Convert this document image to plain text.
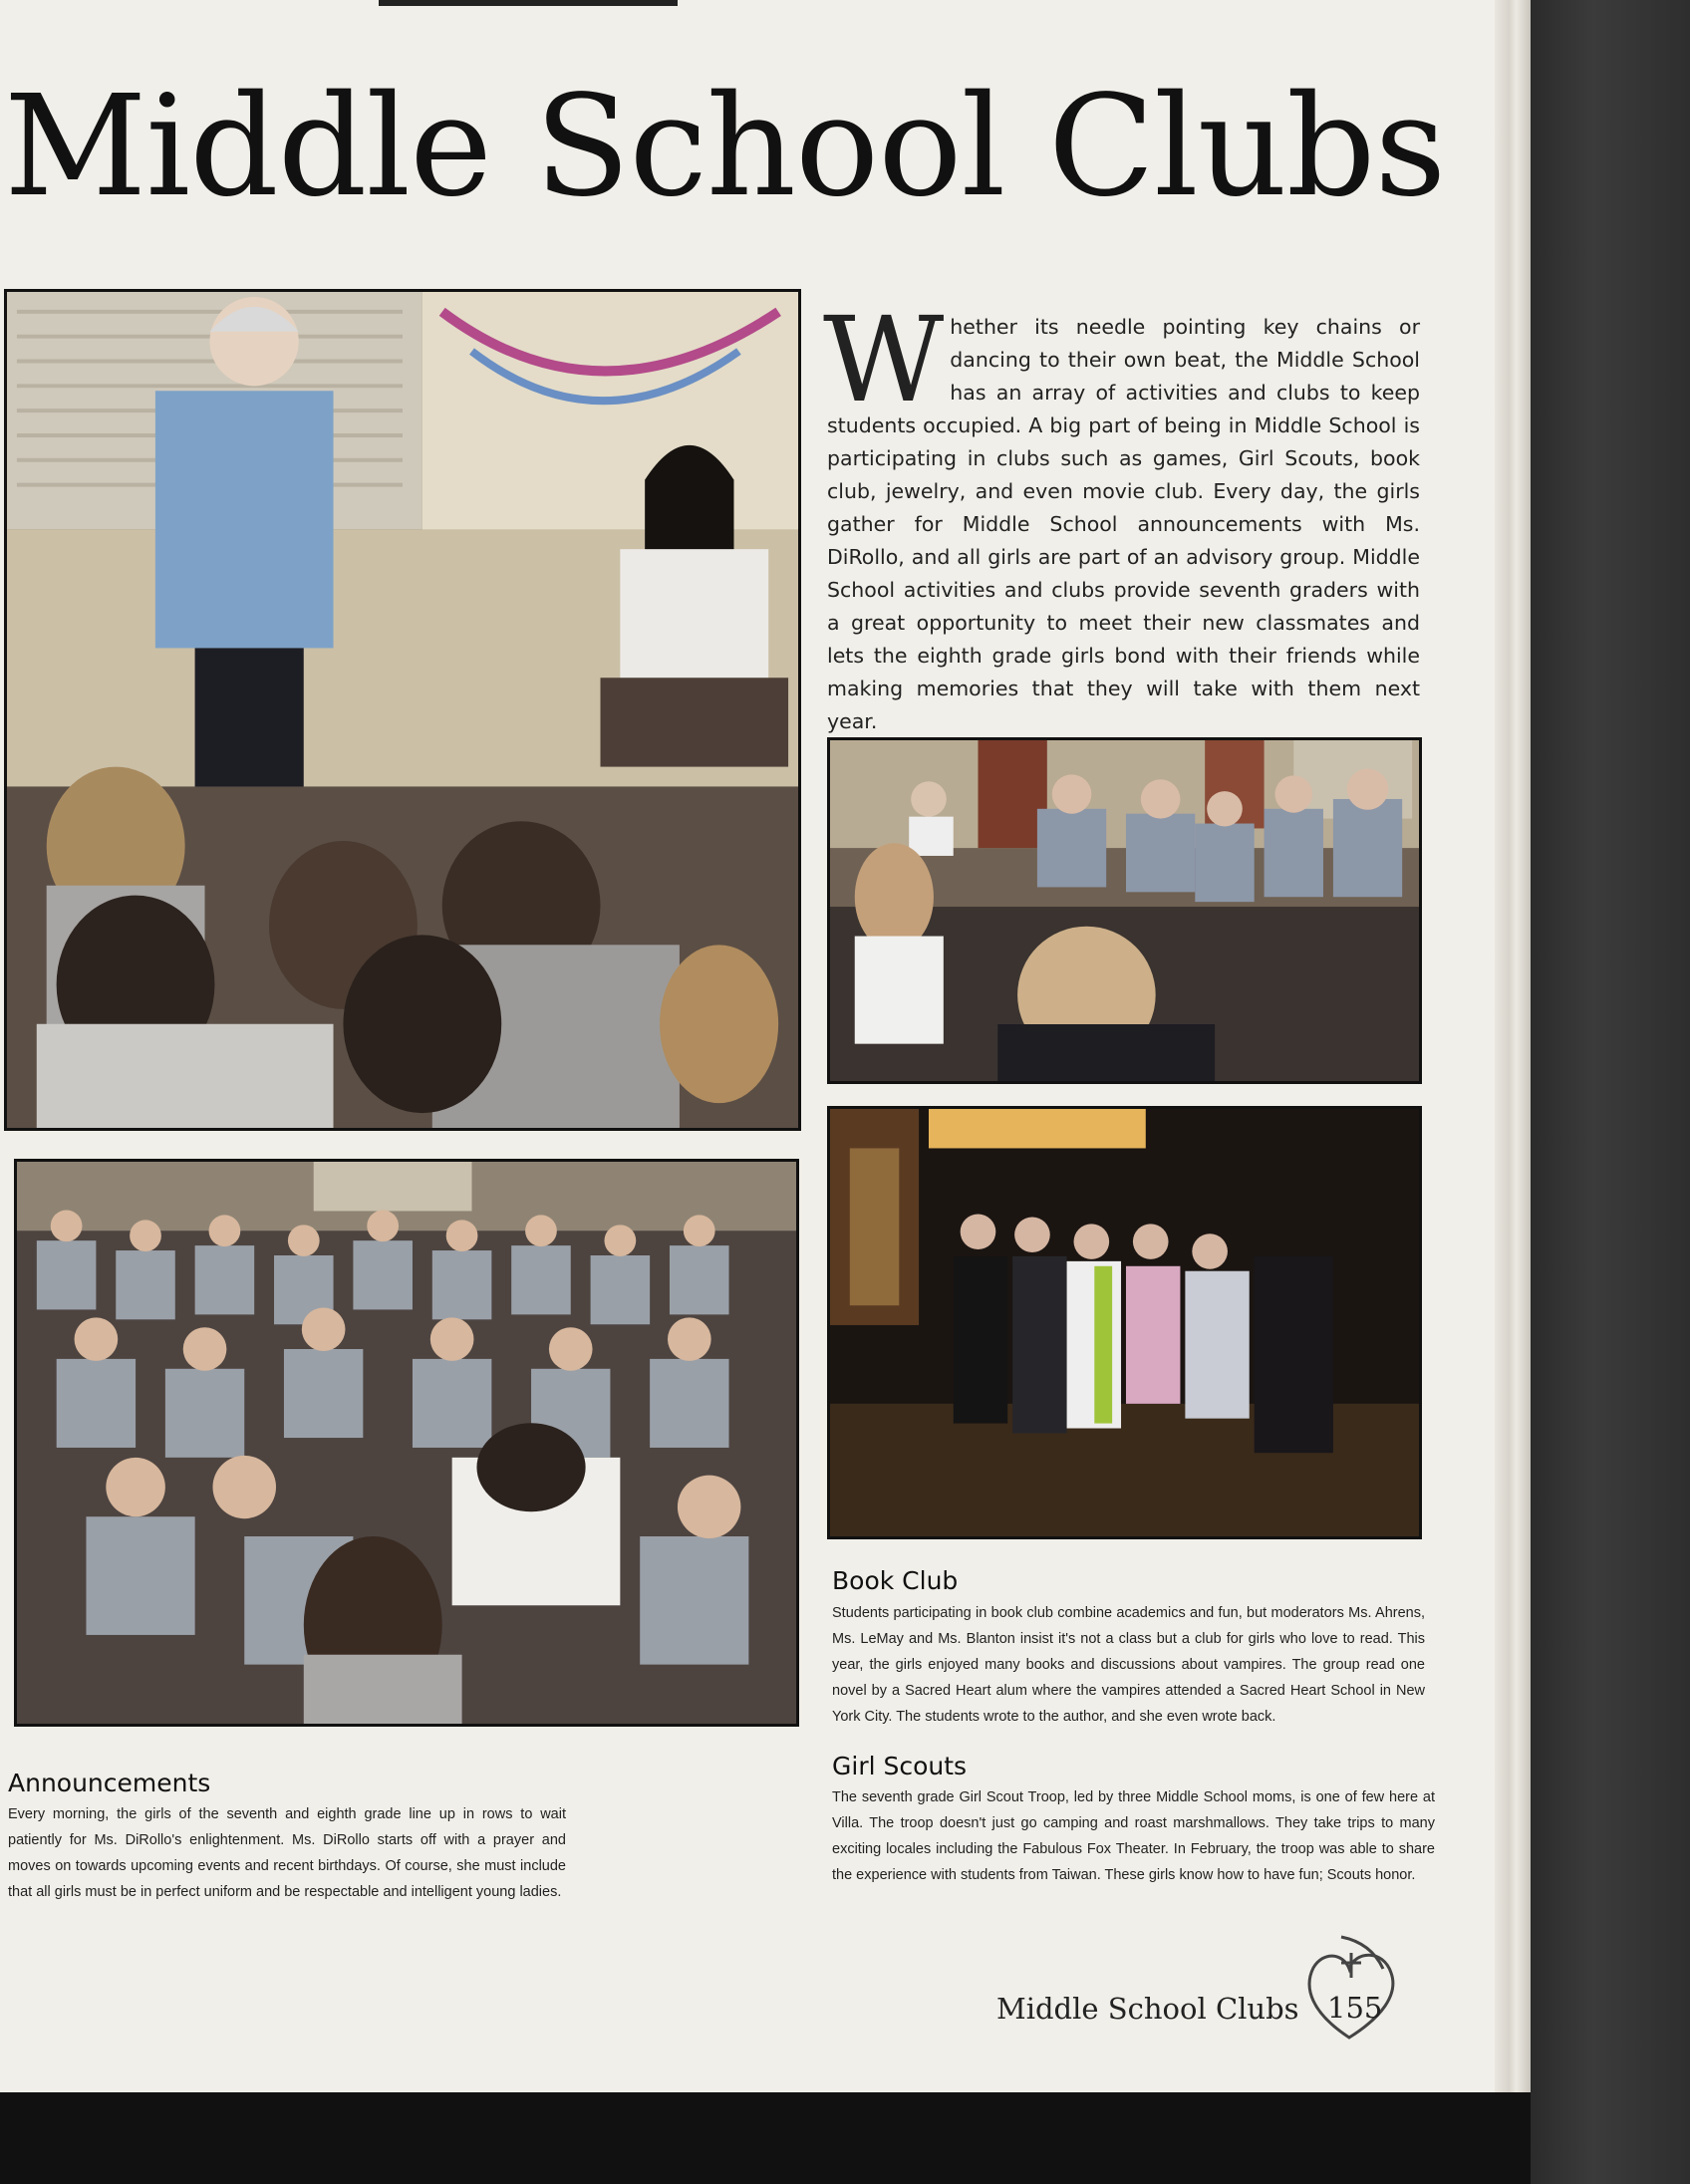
Middle School Clubs

Whether its needle pointing key chains or dancing to their own beat, the Middle School has an array of activities and clubs to keep students occupied. A big part of being in Middle School is participating in clubs such as games, Girl Scouts, book club, jewelry, and even movie club. Every day, the girls gather for Middle School announcements with Ms. DiRollo, and all girls are part of an advisory group. Middle School activities and clubs provide seventh graders with a great opportunity to meet their new classmates and lets the eighth grade girls bond with their friends while making memories that they will take with them next year.

Book Club

Students participating in book club combine academics and fun, but moderators Ms. Ahrens, Ms. LeMay and Ms. Blanton insist it's not a class but a club for girls who love to read. This year, the girls enjoyed many books and discussions about vampires. The group read one novel by a Sacred Heart alum where the vampires attended a Sacred Heart School in New York City. The students wrote to the author, and she even wrote back.

Girl Scouts

The seventh grade Girl Scout Troop, led by three Middle School moms, is one of few here at Villa. The troop doesn't just go camping and roast marshmallows. They take trips to many exciting locales including the Fabulous Fox Theater. In February, the troop was able to share the experience with students from Taiwan. These girls know how to have fun; Scouts honor.

Announcements

Every morning, the girls of the seventh and eighth grade line up in rows to wait patiently for Ms. DiRollo's enlightenment. Ms. DiRollo starts off with a prayer and moves on towards upcoming events and recent birthdays. Of course, she must include that all girls must be in perfect uniform and be respectable and intelligent young ladies.

Middle School Clubs 155
